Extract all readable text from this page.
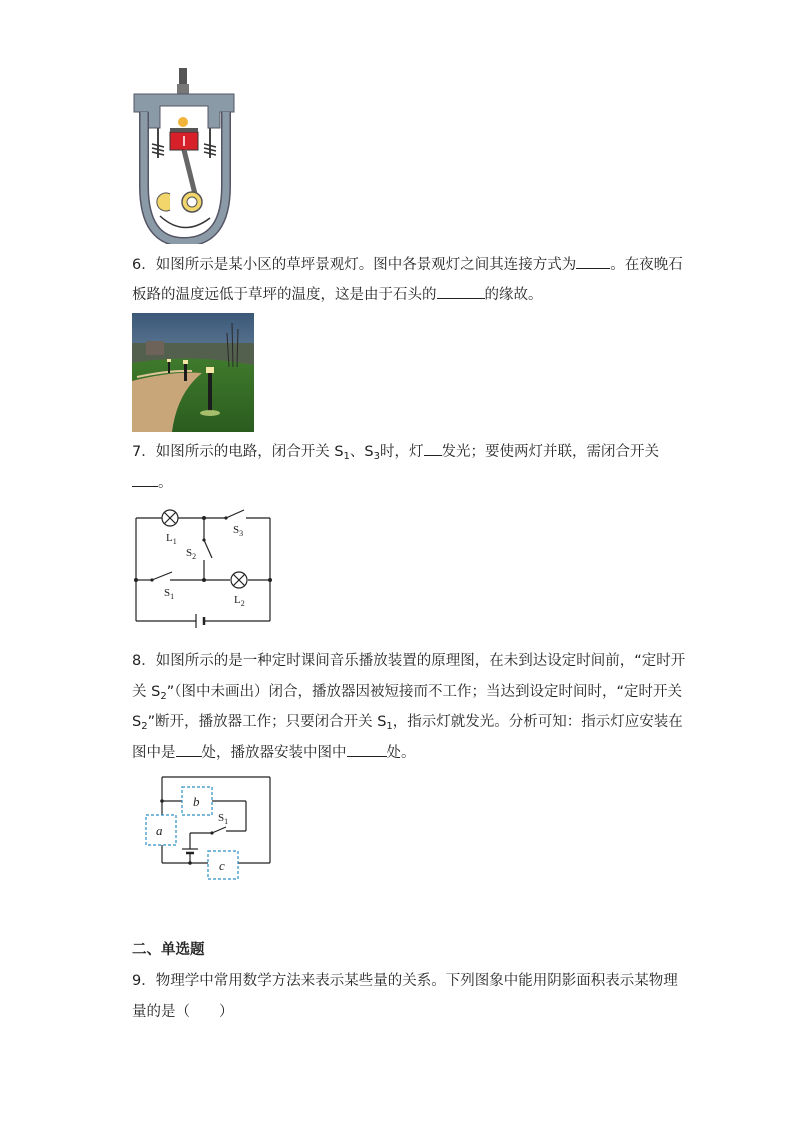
6．如图所示是某小区的草坪景观灯。图中各景观灯之间其连接方式为 。在夜晚石
板路的温度远低于草坪的温度，这是由于石头的	的缘故。
7．如图所示的电路，闭合开关 $S_1$、$S_3$时，灯 发光；要使两灯并联，需闭合开关
。
$L_1$
$S_3$
$S_2$
$S_1$	$L_2$
8．如图所示的是一种定时课间音乐播放装置的原理图，在未到达设定时间前，“定时开
关 $S_2$”（图中未画出）闭合，播放器因被短接而不工作；当达到设定时间时，“定时开关
$S_2$”断开，播放器工作；只要闭合开关 $S_1$，指示灯就发光。分析可知：指示灯应安装在
图中是 处，播放器安装中图中	处。
b
a
c
$S_1$
二、单选题
9．物理学中常用数学方法来表示某些量的关系。下列图象中能用阴影面积表示某物理
量的是（　　）
